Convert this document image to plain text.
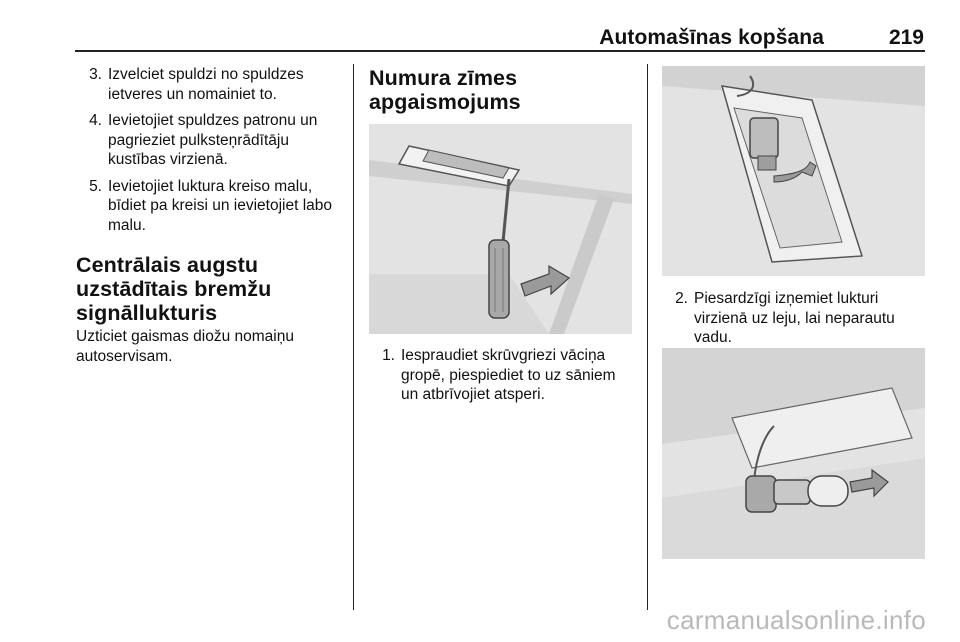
Automašīnas kopšana	219
3. Izvelciet spuldzi no spuldzes ietveres un nomainiet to.
4. Ievietojiet spuldzes patronu un pagrieziet pulksteņrādītāju kustības virzienā.
5. Ievietojiet luktura kreiso malu, bīdiet pa kreisi un ievietojiet labo malu.
Centrālais augstu uzstādītais bremžu signāllukturis

Uzticiet gaismas diožu nomaiņu autoservisam.

Numura zīmes apgaismojums
1. Iespraudiet skrūvgriezi vāciņa gropē, piespiediet to uz sāniem un atbrīvojiet atsperi.
2. Piesardzīgi izņemiet lukturi virzienā uz leju, lai neparautu vadu.
carmanualsonline.info
